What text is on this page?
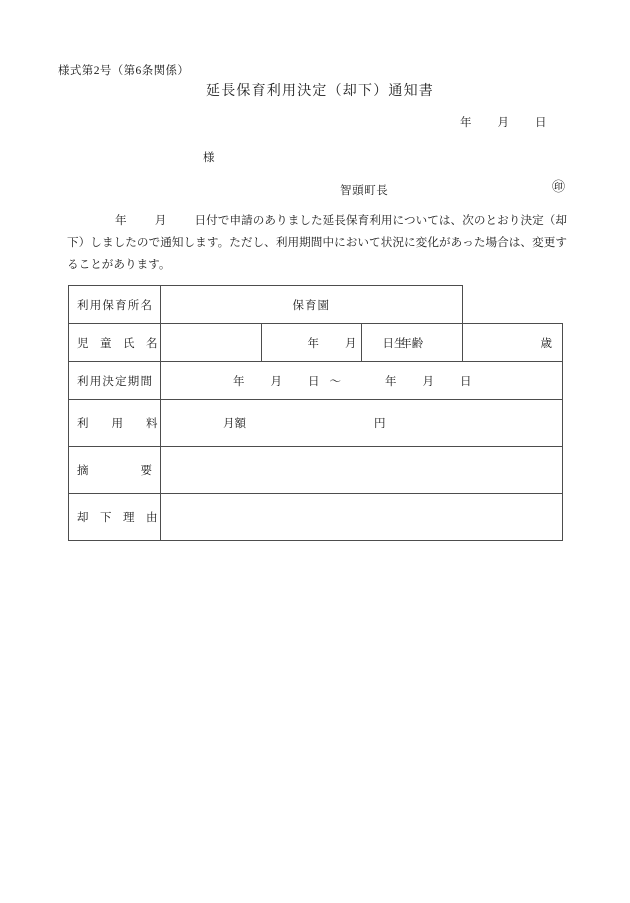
様式第2号（第6条関係）
延長保育利用決定（却下）通知書
年 月 日
様
智頭町長	㊞
年 月 日付で申請のありました延長保育利用については、次のとおり決定（却下）しましたので通知します。ただし、利用期間中において状況に変化があった場合は、変更することがあります。
利用保育所名	保育園			
児　童　氏　名		年 月 日生	年齢	歳
利用決定期間	年 月 日 ～ 年 月 日			
利　　用　　料	月額 円			
摘　　　　要				
却　下　理　由				
